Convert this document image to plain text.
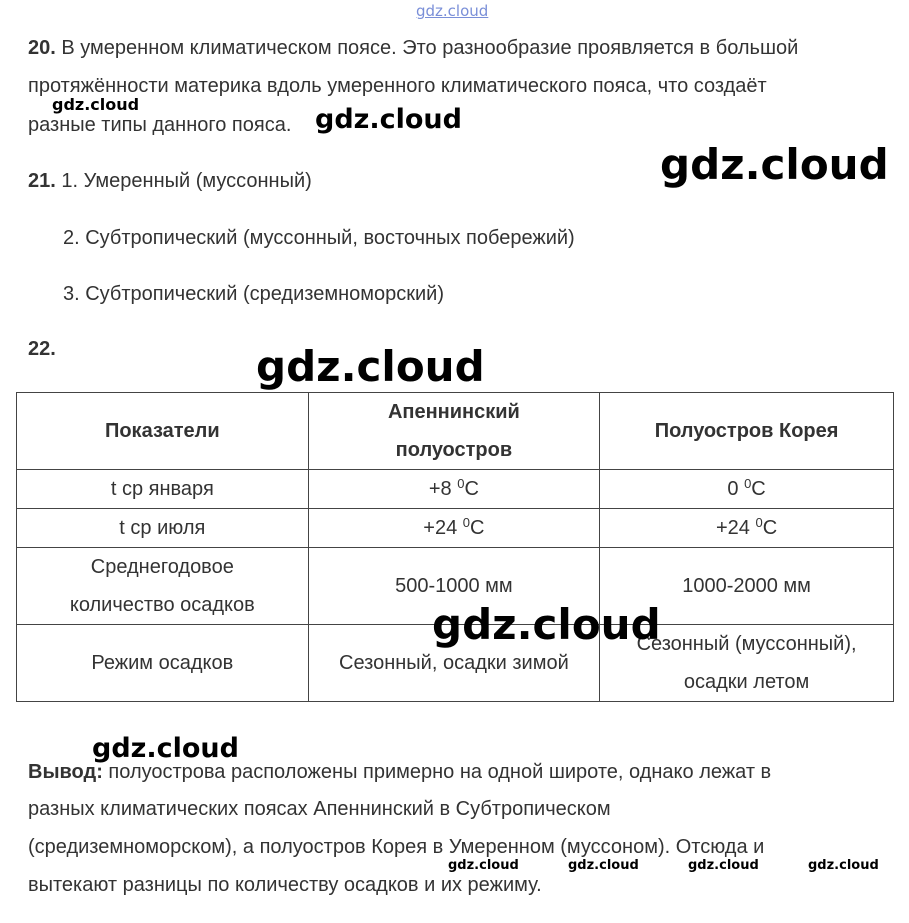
gdz.cloud
20. В умеренном климатическом поясе. Это разнообразие проявляется в большой
протяжённости материка вдоль умеренного климатического пояса, что создаёт
разные типы данного пояса.
21. 1. Умеренный (муссонный)
2. Субтропический (муссонный, восточных побережий)
3. Субтропический (средиземноморский)
22.
Показатели	Апеннинский полуостров	Полуостров Корея
t ср января	+8 $^0$C	0 $^0$C
t ср июля	+24 $^0$C	+24 $^0$C

Среднегодовое количество осадков	500-1000 мм	1000-2000 мм
Режим осадков	Сезонный, осадки зимой	Сезонный (муссонный), осадки летом
Вывод: полуострова расположены примерно на одной широте, однако лежат в
разных климатических поясах Апеннинский в Субтропическом
(средиземноморском), а полуостров Корея в Умеренном (муссоном). Отсюда и
вытекают разницы по количеству осадков и их режиму.
gdz.cloud	gdz.cloud
gdz.cloud
gdz.cloud
gdz.cloud
gdz.cloud
gdz.cloud	gdz.cloud	gdz.cloud	gdz.cloud
